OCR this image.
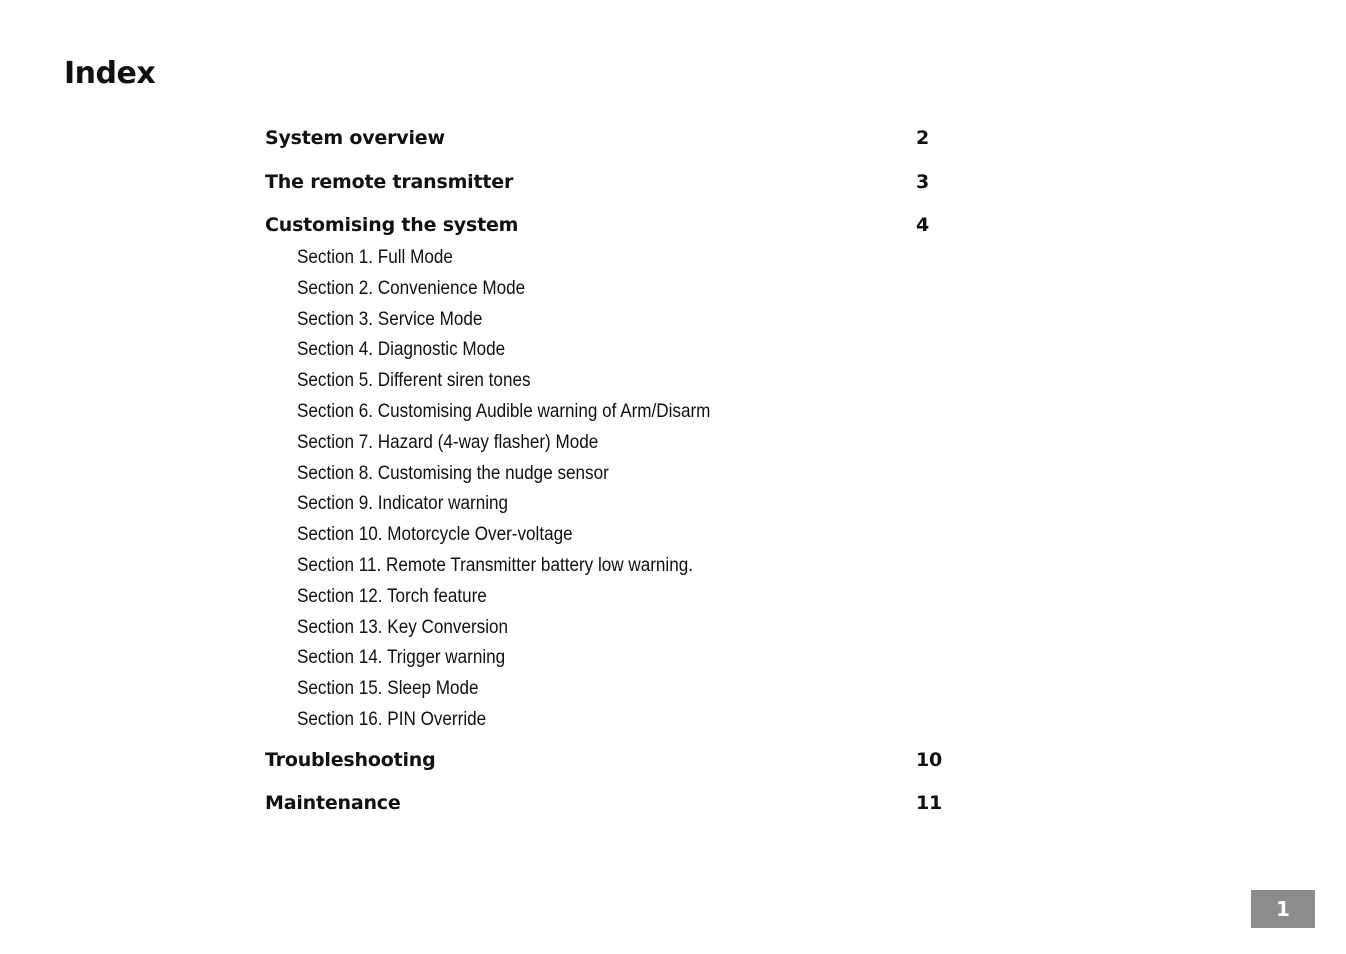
Index
System overview	2
The remote transmitter	3
Customising the system	4
Section 1. Full Mode
Section 2. Convenience Mode
Section 3. Service Mode
Section 4. Diagnostic Mode
Section 5. Different siren tones
Section 6. Customising Audible warning of Arm/Disarm
Section 7. Hazard (4-way flasher) Mode
Section 8. Customising the nudge sensor
Section 9. Indicator warning
Section 10. Motorcycle Over-voltage
Section 11. Remote Transmitter battery low warning.
Section 12. Torch feature
Section 13. Key Conversion
Section 14. Trigger warning
Section 15. Sleep Mode
Section 16. PIN Override
Troubleshooting	10
Maintenance	11
1
